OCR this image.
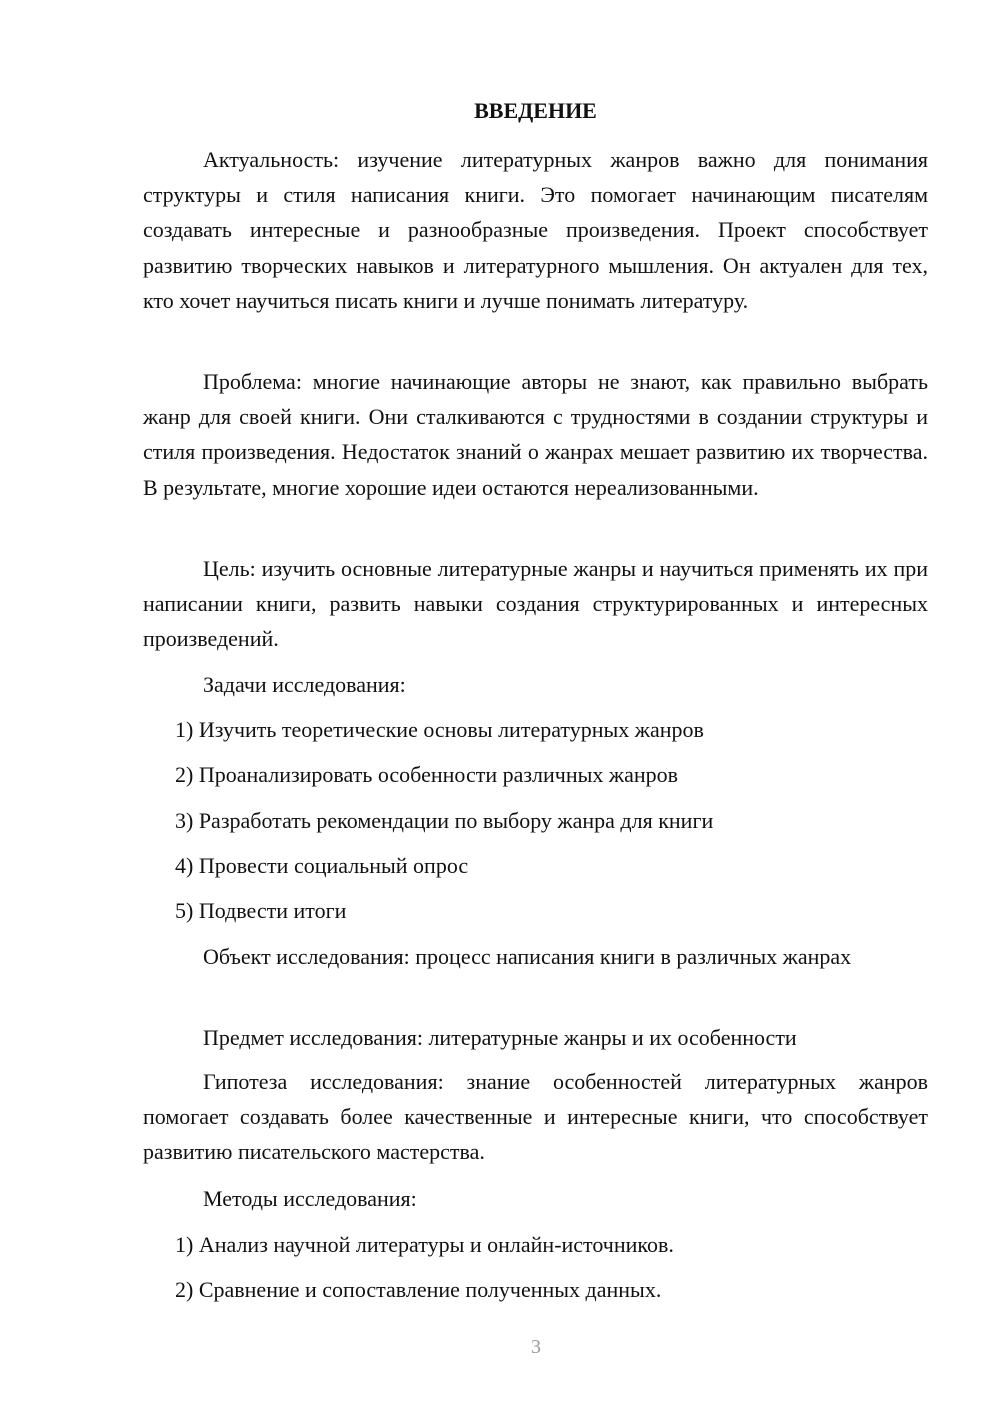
ВВЕДЕНИЕ

Актуальность: изучение литературных жанров важно для понимания структуры и стиля написания книги. Это помогает начинающим писателям создавать интересные и разнообразные произведения. Проект способствует развитию творческих навыков и литературного мышления. Он актуален для тех, кто хочет научиться писать книги и лучше понимать литературу.

Проблема: многие начинающие авторы не знают, как правильно выбрать жанр для своей книги. Они сталкиваются с трудностями в создании структуры и стиля произведения. Недостаток знаний о жанрах мешает развитию их творчества. В результате, многие хорошие идеи остаются нереализованными.

Цель: изучить основные литературные жанры и научиться применять их при написании книги, развить навыки создания структурированных и интересных произведений.

Задачи исследования:

1) Изучить теоретические основы литературных жанров

2) Проанализировать особенности различных жанров

3) Разработать рекомендации по выбору жанра для книги

4) Провести социальный опрос

5) Подвести итоги

Объект исследования: процесс написания книги в различных жанрах

Предмет исследования: литературные жанры и их особенности

Гипотеза исследования: знание особенностей литературных жанров помогает создавать более качественные и интересные книги, что способствует развитию писательского мастерства.

Методы исследования:

1) Анализ научной литературы и онлайн-источников.

2) Сравнение и сопоставление полученных данных.

3
